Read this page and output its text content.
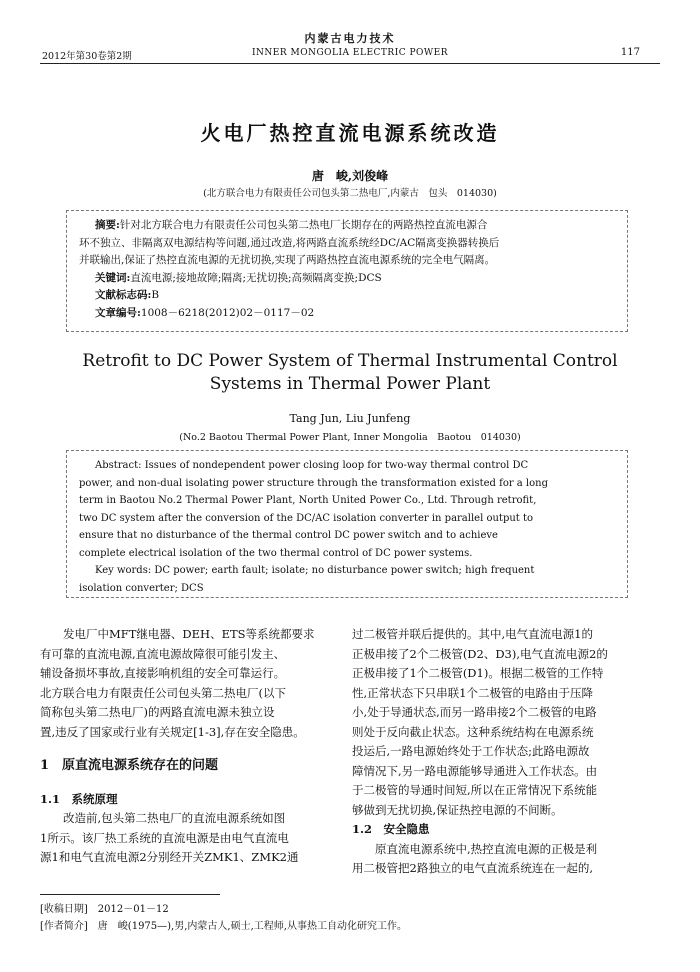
内蒙古电力技术
2012年第30卷第2期	INNER MONGOLIA ELECTRIC POWER	117
火电厂热控直流电源系统改造
唐　峻,刘俊峰
(北方联合电力有限责任公司包头第二热电厂,内蒙古　包头　014030)
摘要:针对北方联合电力有限责任公司包头第二热电厂长期存在的两路热控直流电源合
环不独立、非隔离双电源结构等问题,通过改造,将两路直流系统经DC/AC隔离变换器转换后
并联输出,保证了热控直流电源的无扰切换,实现了两路热控直流电源系统的完全电气隔离。
关键词:直流电源;接地故障;隔离;无扰切换;高频隔离变换;DCS
文献标志码:B
文章编号:1008－6218(2012)02－0117－02
Retrofit to DC Power System of Thermal Instrumental Control
Systems in Thermal Power Plant
Tang Jun, Liu Junfeng
(No.2 Baotou Thermal Power Plant, Inner Mongolia　Baotou　014030)
Abstract: Issues of nondependent power closing loop for two-way thermal control DC
power, and non-dual isolating power structure through the transformation existed for a long
term in Baotou No.2 Thermal Power Plant, North United Power Co., Ltd. Through retrofit,
two DC system after the conversion of the DC/AC isolation converter in parallel output to
ensure that no disturbance of the thermal control DC power switch and to achieve
complete electrical isolation of the two thermal control of DC power systems.
Key words: DC power; earth fault; isolate; no disturbance power switch; high frequent
isolation converter; DCS
　　发电厂中MFT继电器、DEH、ETS等系统都要求
有可靠的直流电源,直流电源故障很可能引发主、
辅设备损坏事故,直接影响机组的安全可靠运行。
北方联合电力有限责任公司包头第二热电厂(以下
简称包头第二热电厂)的两路直流电源未独立设
置,违反了国家或行业有关规定[1-3],存在安全隐患。
1　原直流电源系统存在的问题
1.1　系统原理
　　改造前,包头第二热电厂的直流电源系统如图
1所示。该厂热工系统的直流电源是由电气直流电
源1和电气直流电源2分别经开关ZMK1、ZMK2通
过二极管并联后提供的。其中,电气直流电源1的
正极串接了2个二极管(D2、D3),电气直流电源2的
正极串接了1个二极管(D1)。根据二极管的工作特
性,正常状态下只串联1个二极管的电路由于压降
小,处于导通状态,而另一路串接2个二极管的电路
则处于反向截止状态。这种系统结构在电源系统
投运后,一路电源始终处于工作状态;此路电源故
障情况下,另一路电源能够导通进入工作状态。由
于二极管的导通时间短,所以在正常情况下系统能
够做到无扰切换,保证热控电源的不间断。
1.2　安全隐患
　　原直流电源系统中,热控直流电源的正极是利
用二极管把2路独立的电气直流系统连在一起的,
[收稿日期]　2012－01－12
[作者简介]　唐　峻(1975—),男,内蒙古人,硕士,工程师,从事热工自动化研究工作。
